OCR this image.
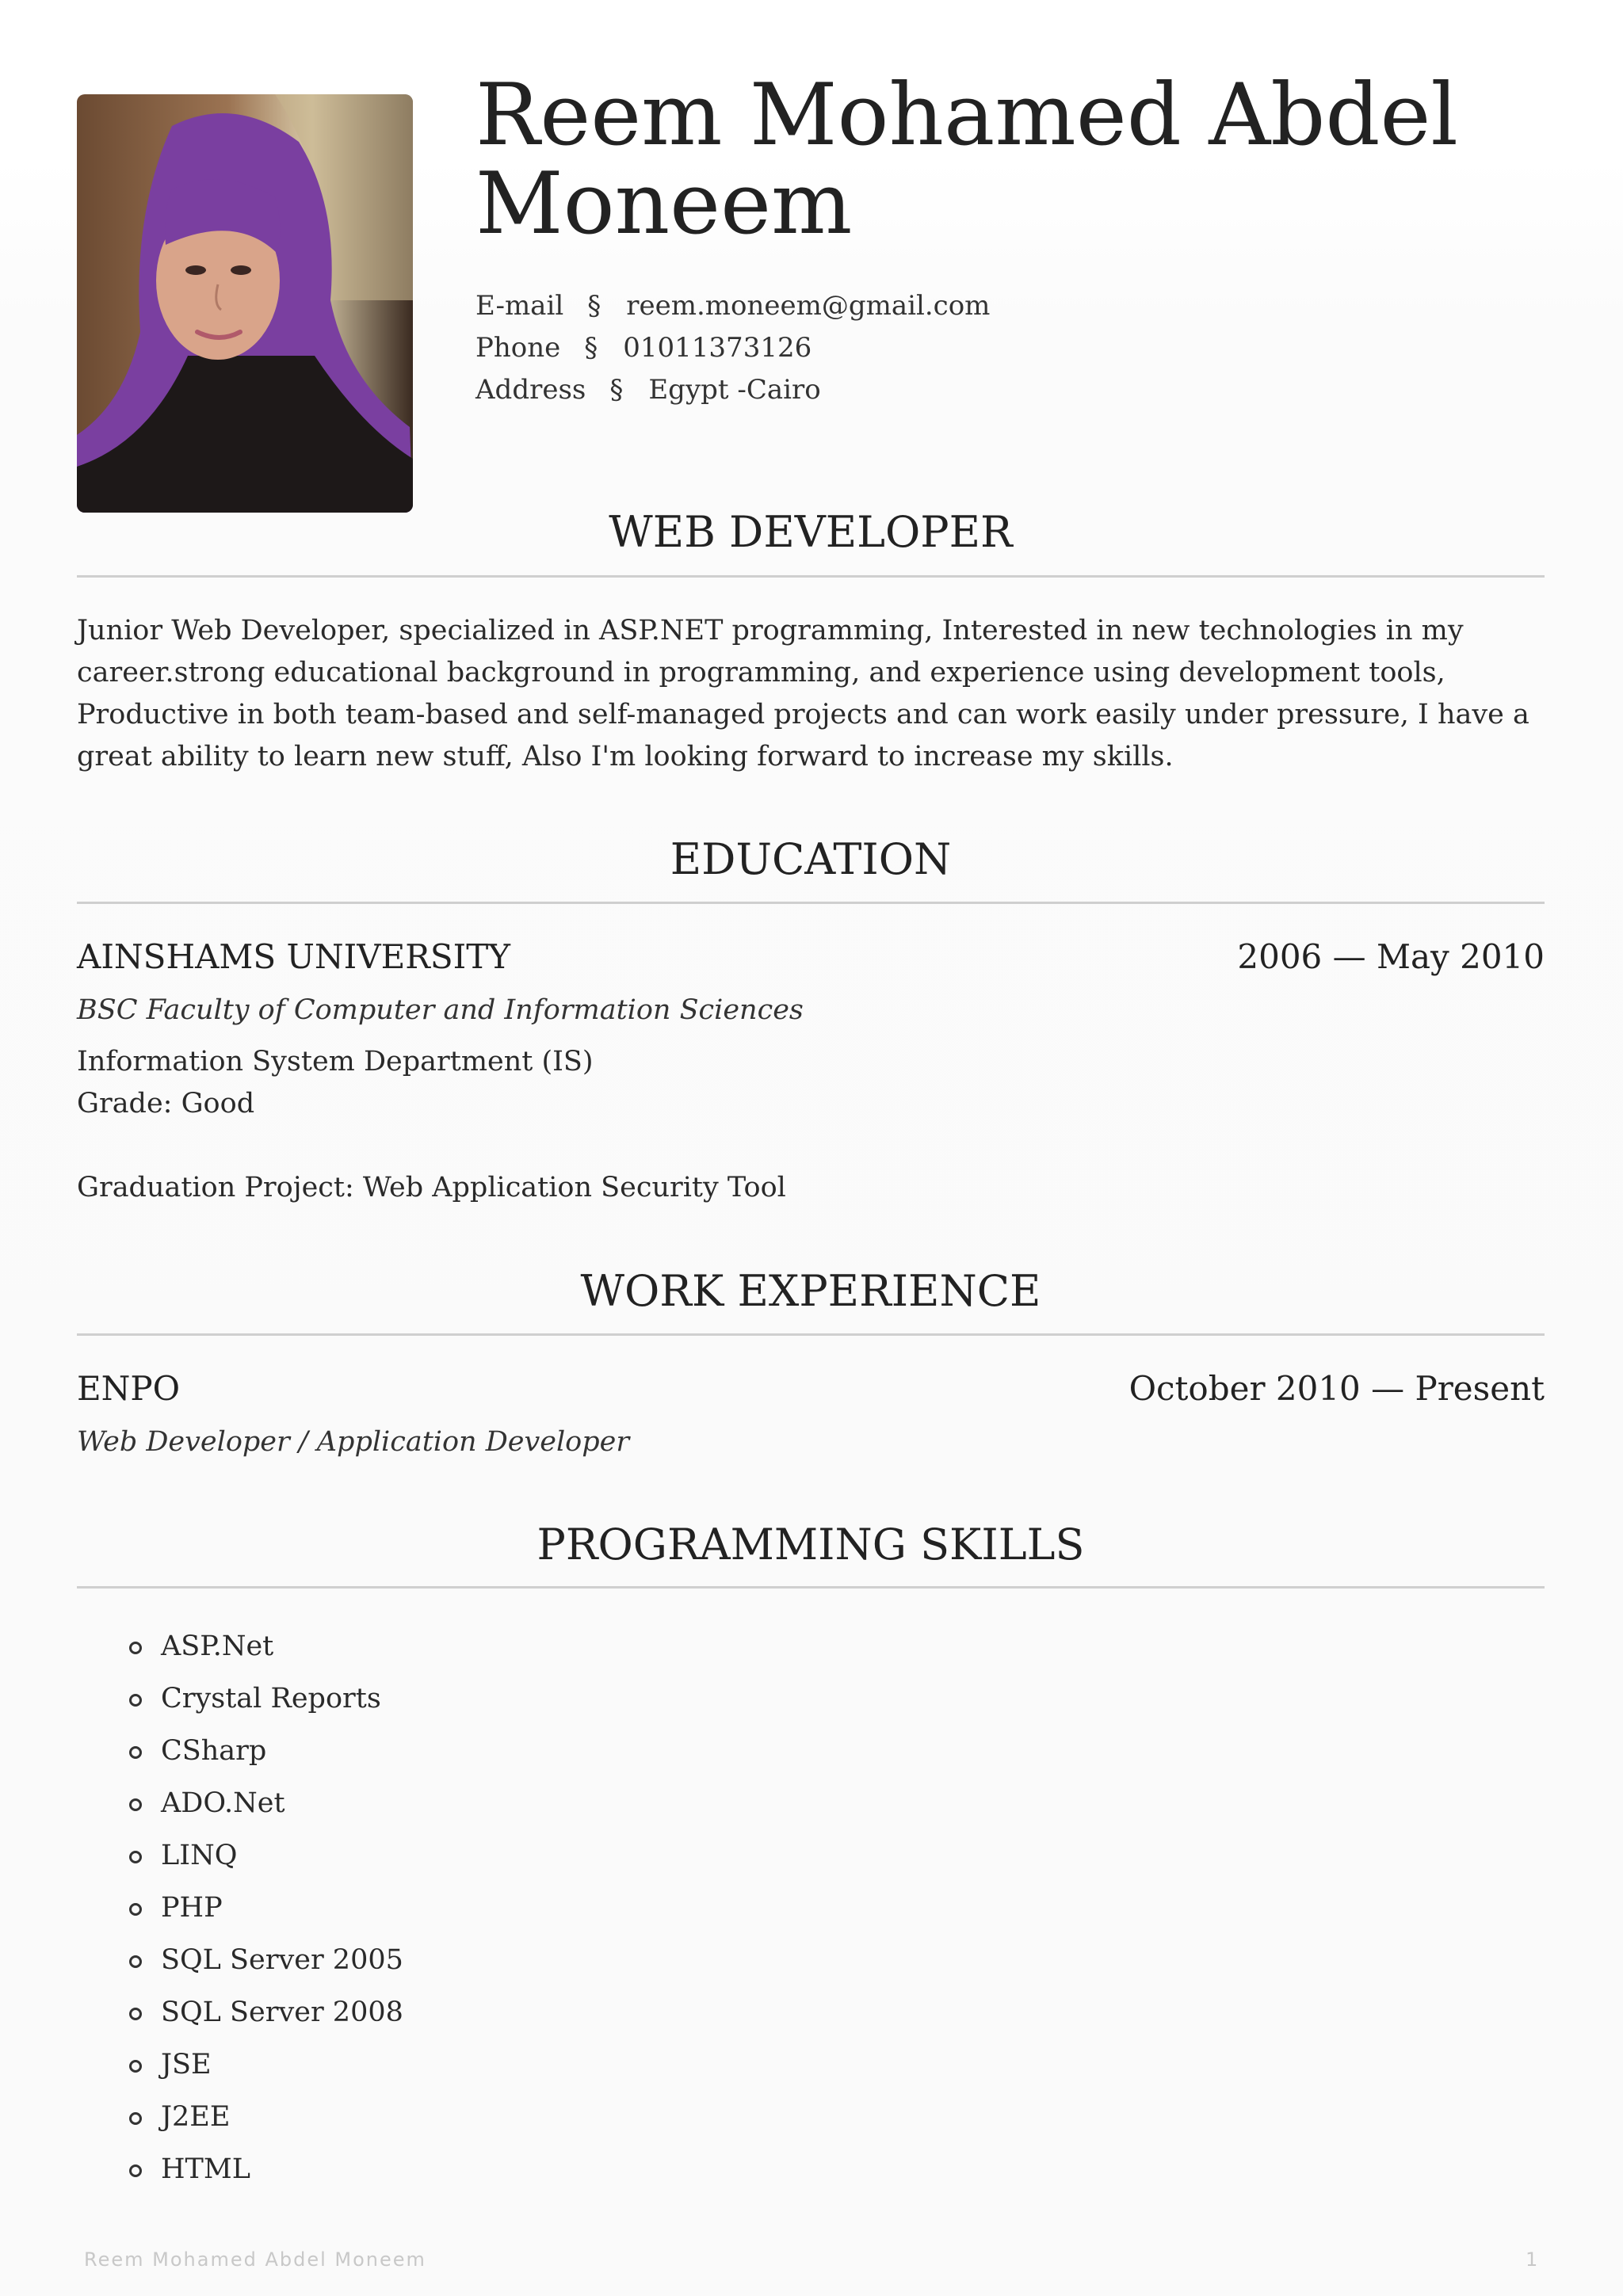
Reem Mohamed Abdel Moneem
E-mail § reem.moneem@gmail.com
Phone § 01011373126
Address § Egypt -Cairo
WEB DEVELOPER

Junior Web Developer, specialized in ASP.NET programming, Interested in new technologies in my career.strong educational background in programming, and experience using development tools, Productive in both team-based and self-managed projects and can work easily under pressure, I have a great ability to learn new stuff, Also I'm looking forward to increase my skills.

EDUCATION
AINSHAMS UNIVERSITY	2006 — May 2010
BSC Faculty of Computer and Information Sciences
Information System Department (IS)
Grade: Good
Graduation Project: Web Application Security Tool
WORK EXPERIENCE
ENPO	October 2010 — Present
Web Developer / Application Developer
PROGRAMMING SKILLS
ASP.Net
Crystal Reports
CSharp
ADO.Net
LINQ
PHP
SQL Server 2005
SQL Server 2008
JSE
J2EE
HTML
Reem Mohamed Abdel Moneem	1
